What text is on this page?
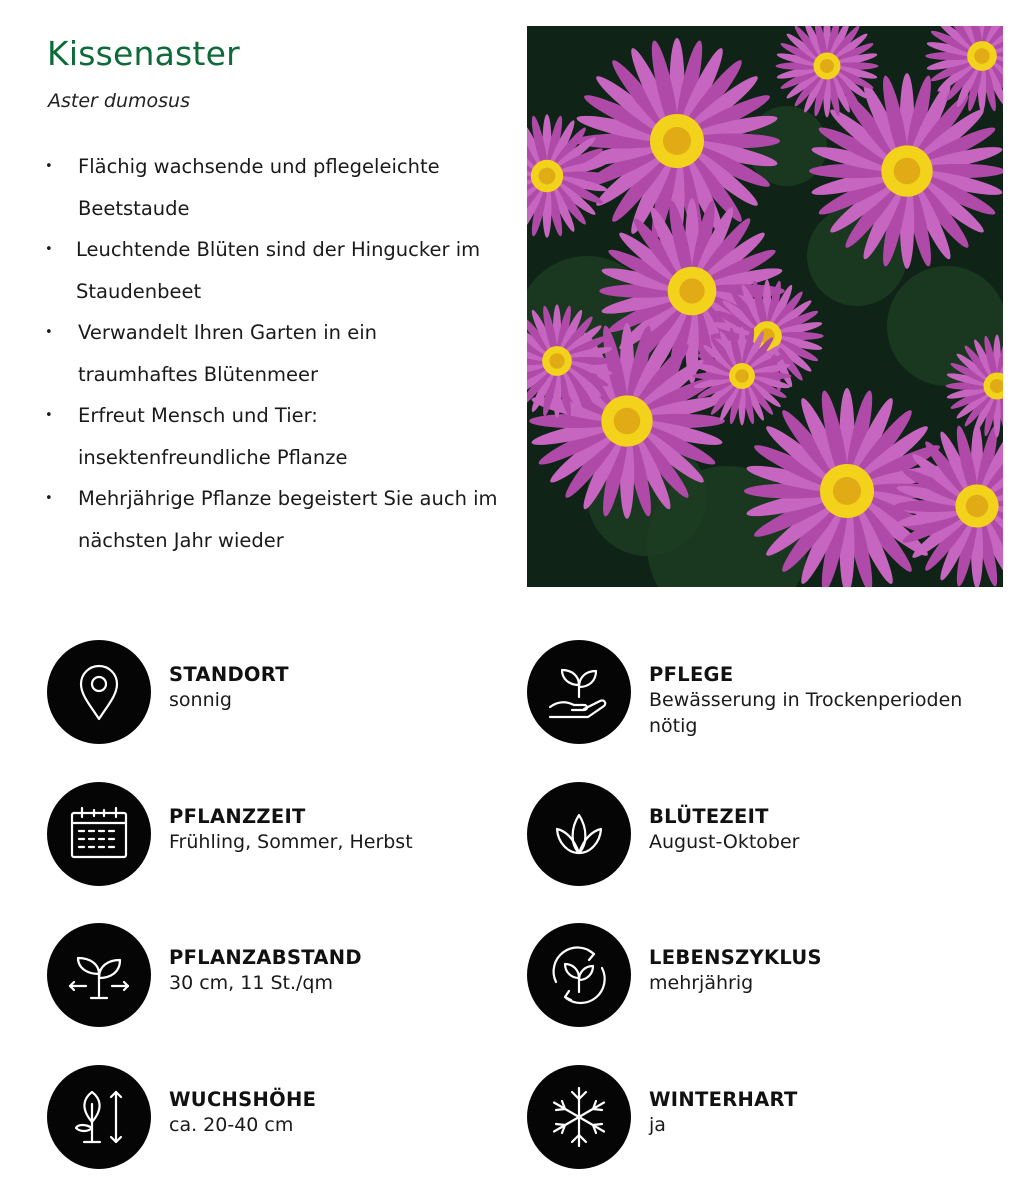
Kissenaster
Aster dumosus
• Flächig wachsende und pflegeleichte Beetstaude
• Leuchtende Blüten sind der Hingucker im Staudenbeet
• Verwandelt Ihren Garten in ein traumhaftes Blütenmeer
• Erfreut Mensch und Tier: insektenfreundliche Pflanze
• Mehrjährige Pflanze begeistert Sie auch im nächsten Jahr wieder
STANDORT
sonnig
PFLANZZEIT
Frühling, Sommer, Herbst
PFLANZABSTAND
30 cm, 11 St./qm
WUCHSHÖHE
ca. 20-40 cm
PFLEGE
Bewässerung in Trockenperioden nötig
BLÜTEZEIT
August-Oktober
LEBENSZYKLUS
mehrjährig
WINTERHART
ja
